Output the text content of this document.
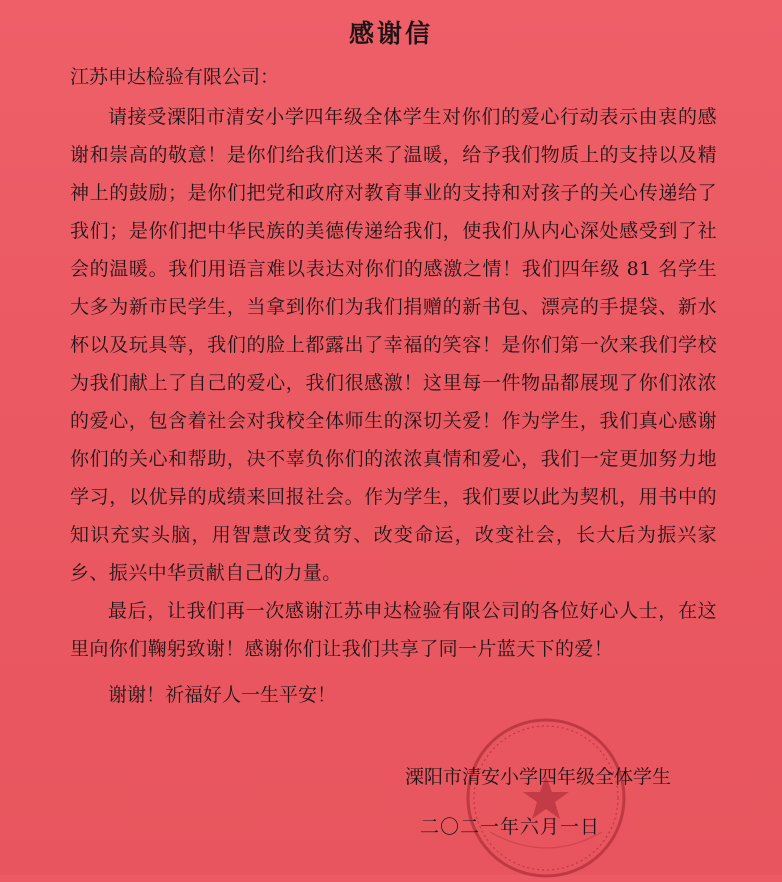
感谢信
江苏申达检验有限公司：

请接受溧阳市清安小学四年级全体学生对你们的爱心行动表示由衷的感谢和崇高的敬意！是你们给我们送来了温暖，给予我们物质上的支持以及精神上的鼓励；是你们把党和政府对教育事业的支持和对孩子的关心传递给了我们；是你们把中华民族的美德传递给我们，使我们从内心深处感受到了社会的温暖。我们用语言难以表达对你们的感激之情！我们四年级 81 名学生大多为新市民学生，当拿到你们为我们捐赠的新书包、漂亮的手提袋、新水杯以及玩具等，我们的脸上都露出了幸福的笑容！是你们第一次来我们学校为我们献上了自己的爱心，我们很感激！这里每一件物品都展现了你们浓浓的爱心，包含着社会对我校全体师生的深切关爱！作为学生，我们真心感谢你们的关心和帮助，决不辜负你们的浓浓真情和爱心，我们一定更加努力地学习，以优异的成绩来回报社会。作为学生，我们要以此为契机，用书中的知识充实头脑，用智慧改变贫穷、改变命运，改变社会，长大后为振兴家乡、振兴中华贡献自己的力量。

最后，让我们再一次感谢江苏申达检验有限公司的各位好心人士，在这里向你们鞠躬致谢！感谢你们让我们共享了同一片蓝天下的爱！

谢谢！祈福好人一生平安！
溧阳市清安小学四年级全体学生
二〇二一年六月一日
